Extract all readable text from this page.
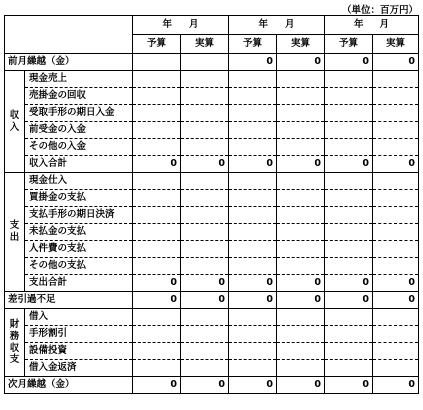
（単位：百万円）

		年 月		年 月		年 月	

		予算	実算	予算	実算	予算	実算
前月繰越（金）				0	0	0	0

収
入	現金売上						
	売掛金の回収						
	受取手形の期日入金						
	前受金の入金						
	その他の入金						
	収入合計	0	0	0	0	0	0

支
出	現金仕入						
	買掛金の支払						
	支払手形の期日決済						
	未払金の支払						
	人件費の支払						
	その他の支払						
	支出合計	0	0	0	0	0	0
差引過不足		0	0	0	0	0	0

財
務
収
支	借入						
	手形割引						
	設備投資						
	借入金返済						
次月繰越（金）		0	0	0	0	0	0
